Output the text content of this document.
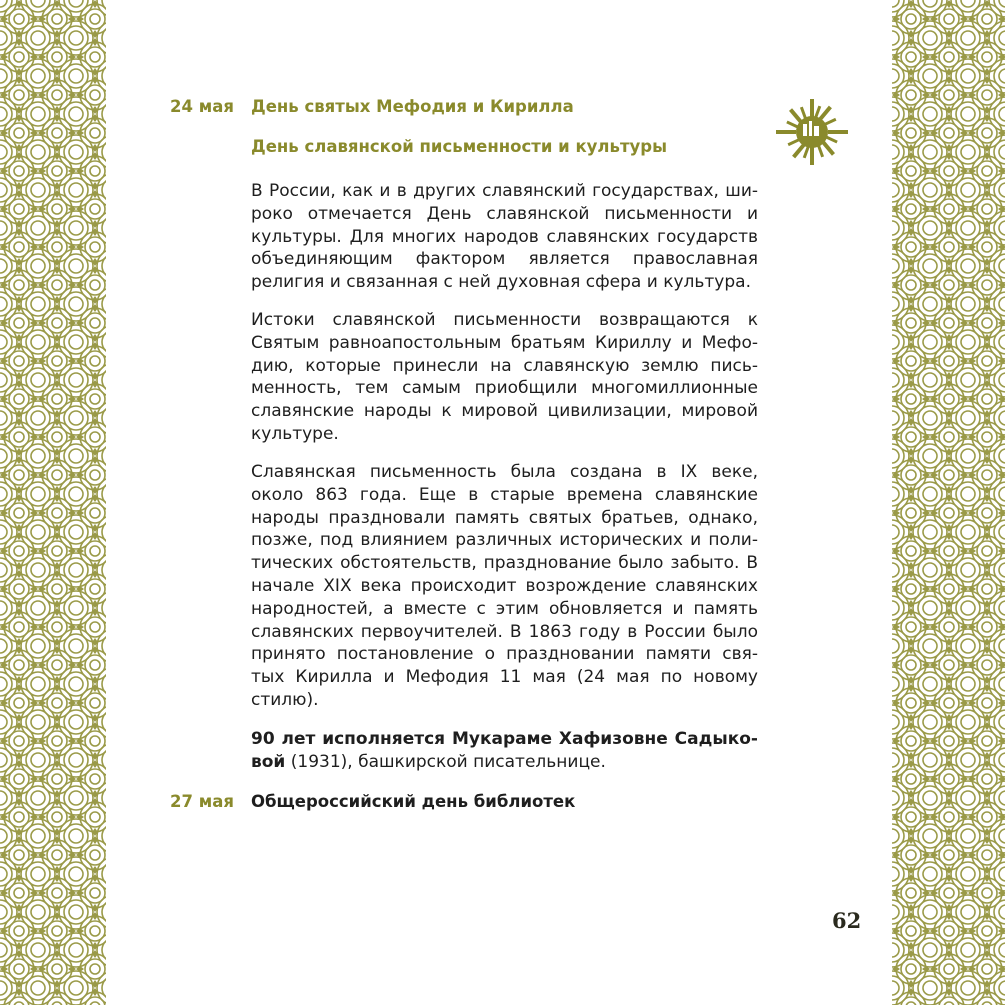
24 мая	День святых Мефодия и Кирилла
День славянской письменности и культуры
В России, как и в других славянский государствах, ши-
роко отмечается День славянской письменности и
культуры. Для многих народов славянских государств
объединяющим фактором является православная
религия и связанная с ней духовная сфера и культура.
Истоки славянской письменности возвращаются к
Святым равноапостольным братьям Кириллу и Мефо-
дию, которые принесли на славянскую землю пись-
менность, тем самым приобщили многомиллионные
славянские народы к мировой цивилизации, мировой
культуре.
Славянская письменность была создана в IX веке,
около 863 года. Еще в старые времена славянские
народы праздновали память святых братьев, однако,
позже, под влиянием различных исторических и поли-
тических обстоятельств, празднование было забыто. В
начале XIX века происходит возрождение славянских
народностей, а вместе с этим обновляется и память
славянских первоучителей. В 1863 году в России было
принято постановление о праздновании памяти свя-
тых Кирилла и Мефодия 11 мая (24 мая по новому
стилю).
90 лет исполняется Мукараме Хафизовне Садыко-
вой (1931), башкирской писательнице.
27 мая	Общероссийский день библиотек
62
